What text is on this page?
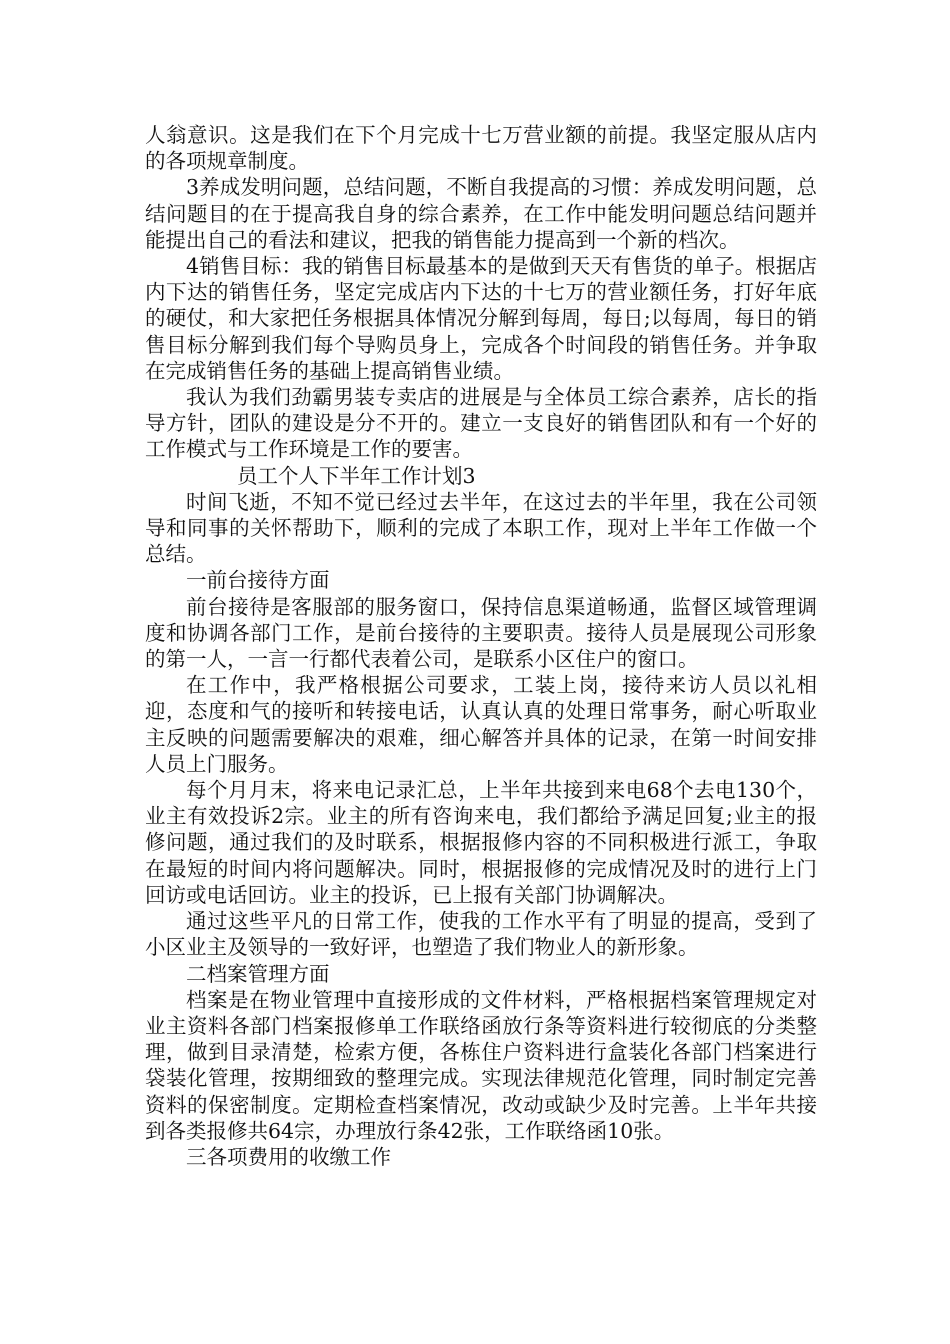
人翁意识。这是我们在下个月完成十七万营业额的前提。我坚定服从店内的各项规章制度。

3养成发明问题，总结问题，不断自我提高的习惯：养成发明问题，总结问题目的在于提高我自身的综合素养，在工作中能发明问题总结问题并能提出自己的看法和建议，把我的销售能力提高到一个新的档次。

4销售目标：我的销售目标最基本的是做到天天有售货的单子。根据店内下达的销售任务，坚定完成店内下达的十七万的营业额任务，打好年底的硬仗，和大家把任务根据具体情况分解到每周，每日;以每周，每日的销售目标分解到我们每个导购员身上，完成各个时间段的销售任务。并争取在完成销售任务的基础上提高销售业绩。

我认为我们劲霸男装专卖店的进展是与全体员工综合素养，店长的指导方针，团队的建设是分不开的。建立一支良好的销售团队和有一个好的工作模式与工作环境是工作的要害。

员工个人下半年工作计划3

时间飞逝，不知不觉已经过去半年，在这过去的半年里，我在公司领导和同事的关怀帮助下，顺利的完成了本职工作，现对上半年工作做一个总结。

一前台接待方面

前台接待是客服部的服务窗口，保持信息渠道畅通，监督区域管理调度和协调各部门工作，是前台接待的主要职责。接待人员是展现公司形象的第一人，一言一行都代表着公司，是联系小区住户的窗口。

在工作中，我严格根据公司要求，工装上岗，接待来访人员以礼相迎，态度和气的接听和转接电话，认真认真的处理日常事务，耐心听取业主反映的问题需要解决的艰难，细心解答并具体的记录，在第一时间安排人员上门服务。

每个月月末，将来电记录汇总，上半年共接到来电68个去电130个，业主有效投诉2宗。业主的所有咨询来电，我们都给予满足回复;业主的报修问题，通过我们的及时联系，根据报修内容的不同积极进行派工，争取在最短的时间内将问题解决。同时，根据报修的完成情况及时的进行上门回访或电话回访。业主的投诉，已上报有关部门协调解决。

通过这些平凡的日常工作，使我的工作水平有了明显的提高，受到了小区业主及领导的一致好评，也塑造了我们物业人的新形象。

二档案管理方面

档案是在物业管理中直接形成的文件材料，严格根据档案管理规定对业主资料各部门档案报修单工作联络函放行条等资料进行较彻底的分类整理，做到目录清楚，检索方便，各栋住户资料进行盒装化各部门档案进行袋装化管理，按期细致的整理完成。实现法律规范化管理，同时制定完善资料的保密制度。定期检查档案情况，改动或缺少及时完善。上半年共接到各类报修共64宗，办理放行条42张，工作联络函10张。

三各项费用的收缴工作
